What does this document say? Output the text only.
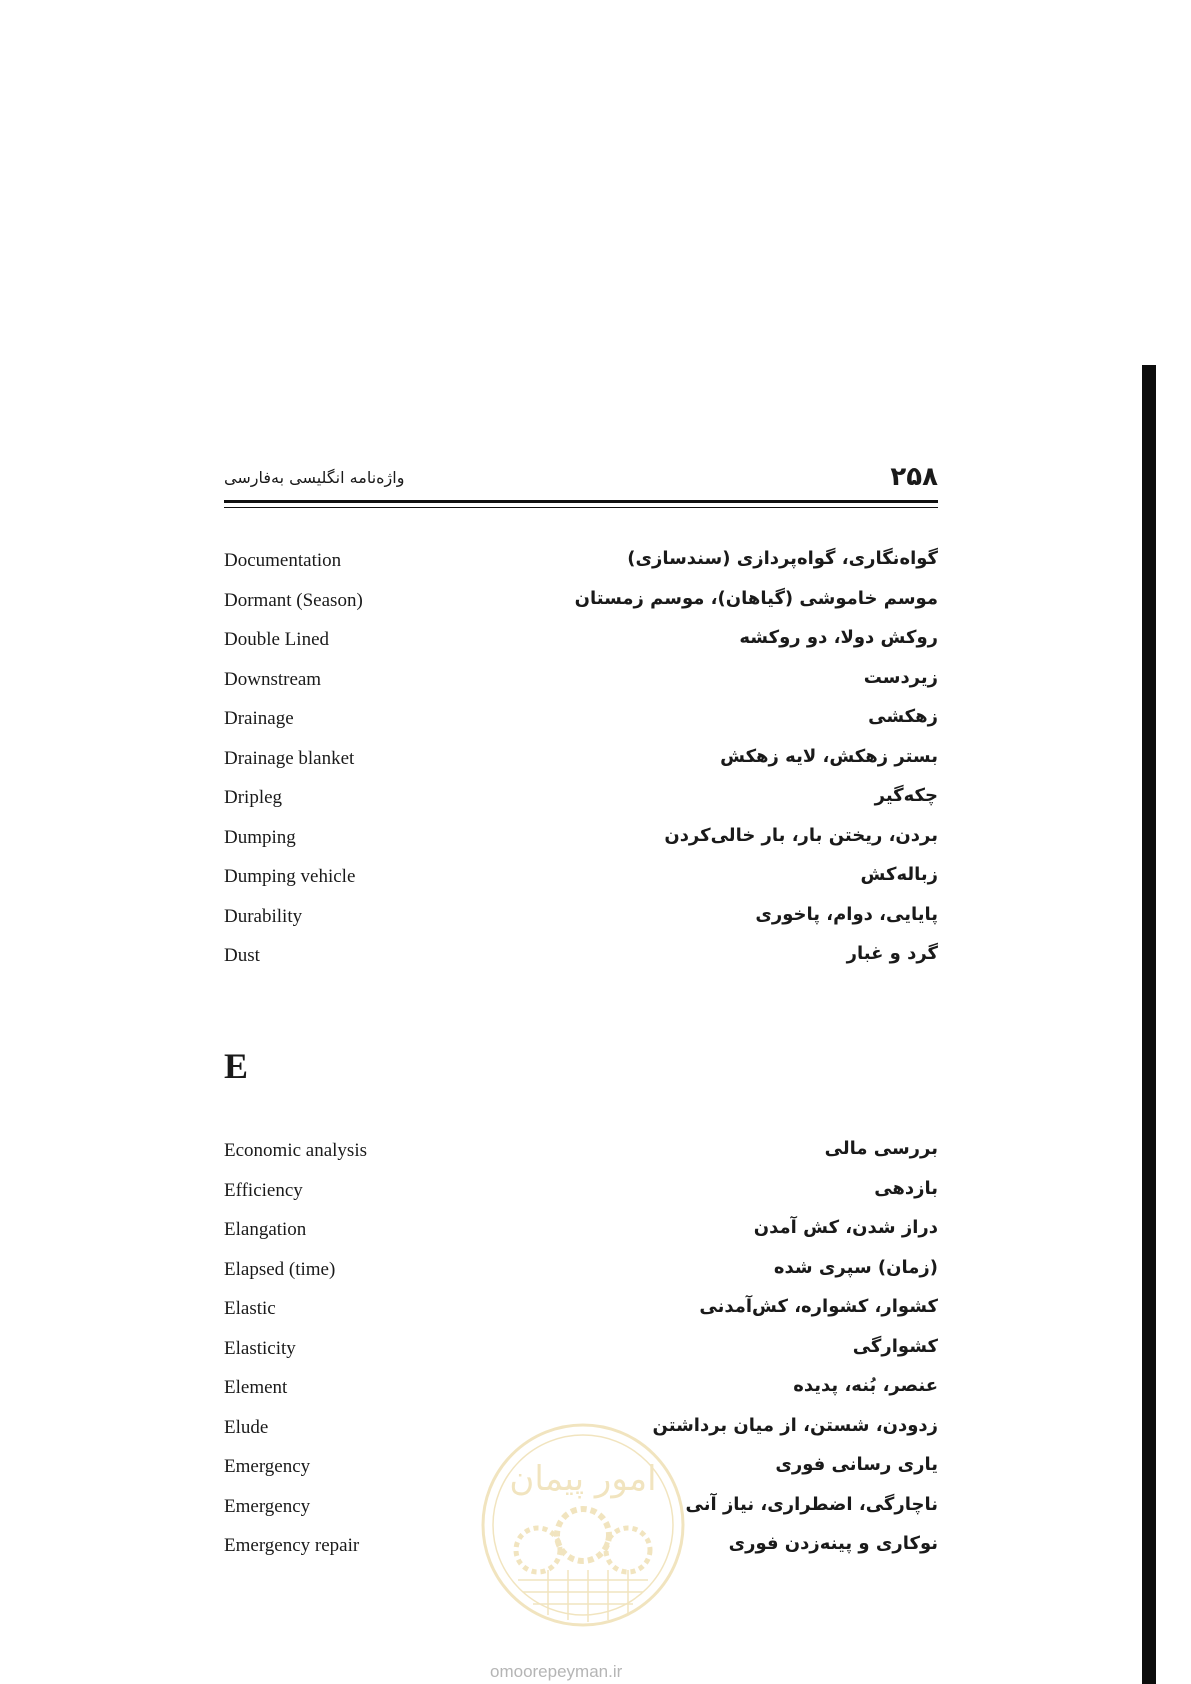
واژه‌نامه انگلیسی به‌فارسی	۲۵۸
Documentation	گواه‌نگاری، گواه‌پردازی (سندسازی)
Dormant (Season)	موسم خاموشی (گیاهان)، موسم زمستان
Double Lined	روکش دولا، دو روکشه
Downstream	زیردست
Drainage	زهکشی
Drainage blanket	بستر زهکش، لایه زهکش
Dripleg	چکه‌گیر
Dumping	بردن، ریختن بار، بار خالی‌کردن
Dumping vehicle	زباله‌کش
Durability	پایایی، دوام، پاخوری
Dust	گرد و غبار
E
Economic analysis	بررسی مالی
Efficiency	بازدهی
Elangation	دراز شدن، کش آمدن
Elapsed (time)	(زمان) سپری شده
Elastic	کشوار، کشواره، کش‌آمدنی
Elasticity	کشوارگی
Element	عنصر، بُنه، پدیده
Elude	زدودن، شستن، از میان برداشتن
Emergency	یاری رسانی فوری
Emergency	ناچارگی، اضطراری، نیاز آنی
Emergency repair	نوکاری و پینه‌زدن فوری
امور پیمان
omoorepeyman.ir
